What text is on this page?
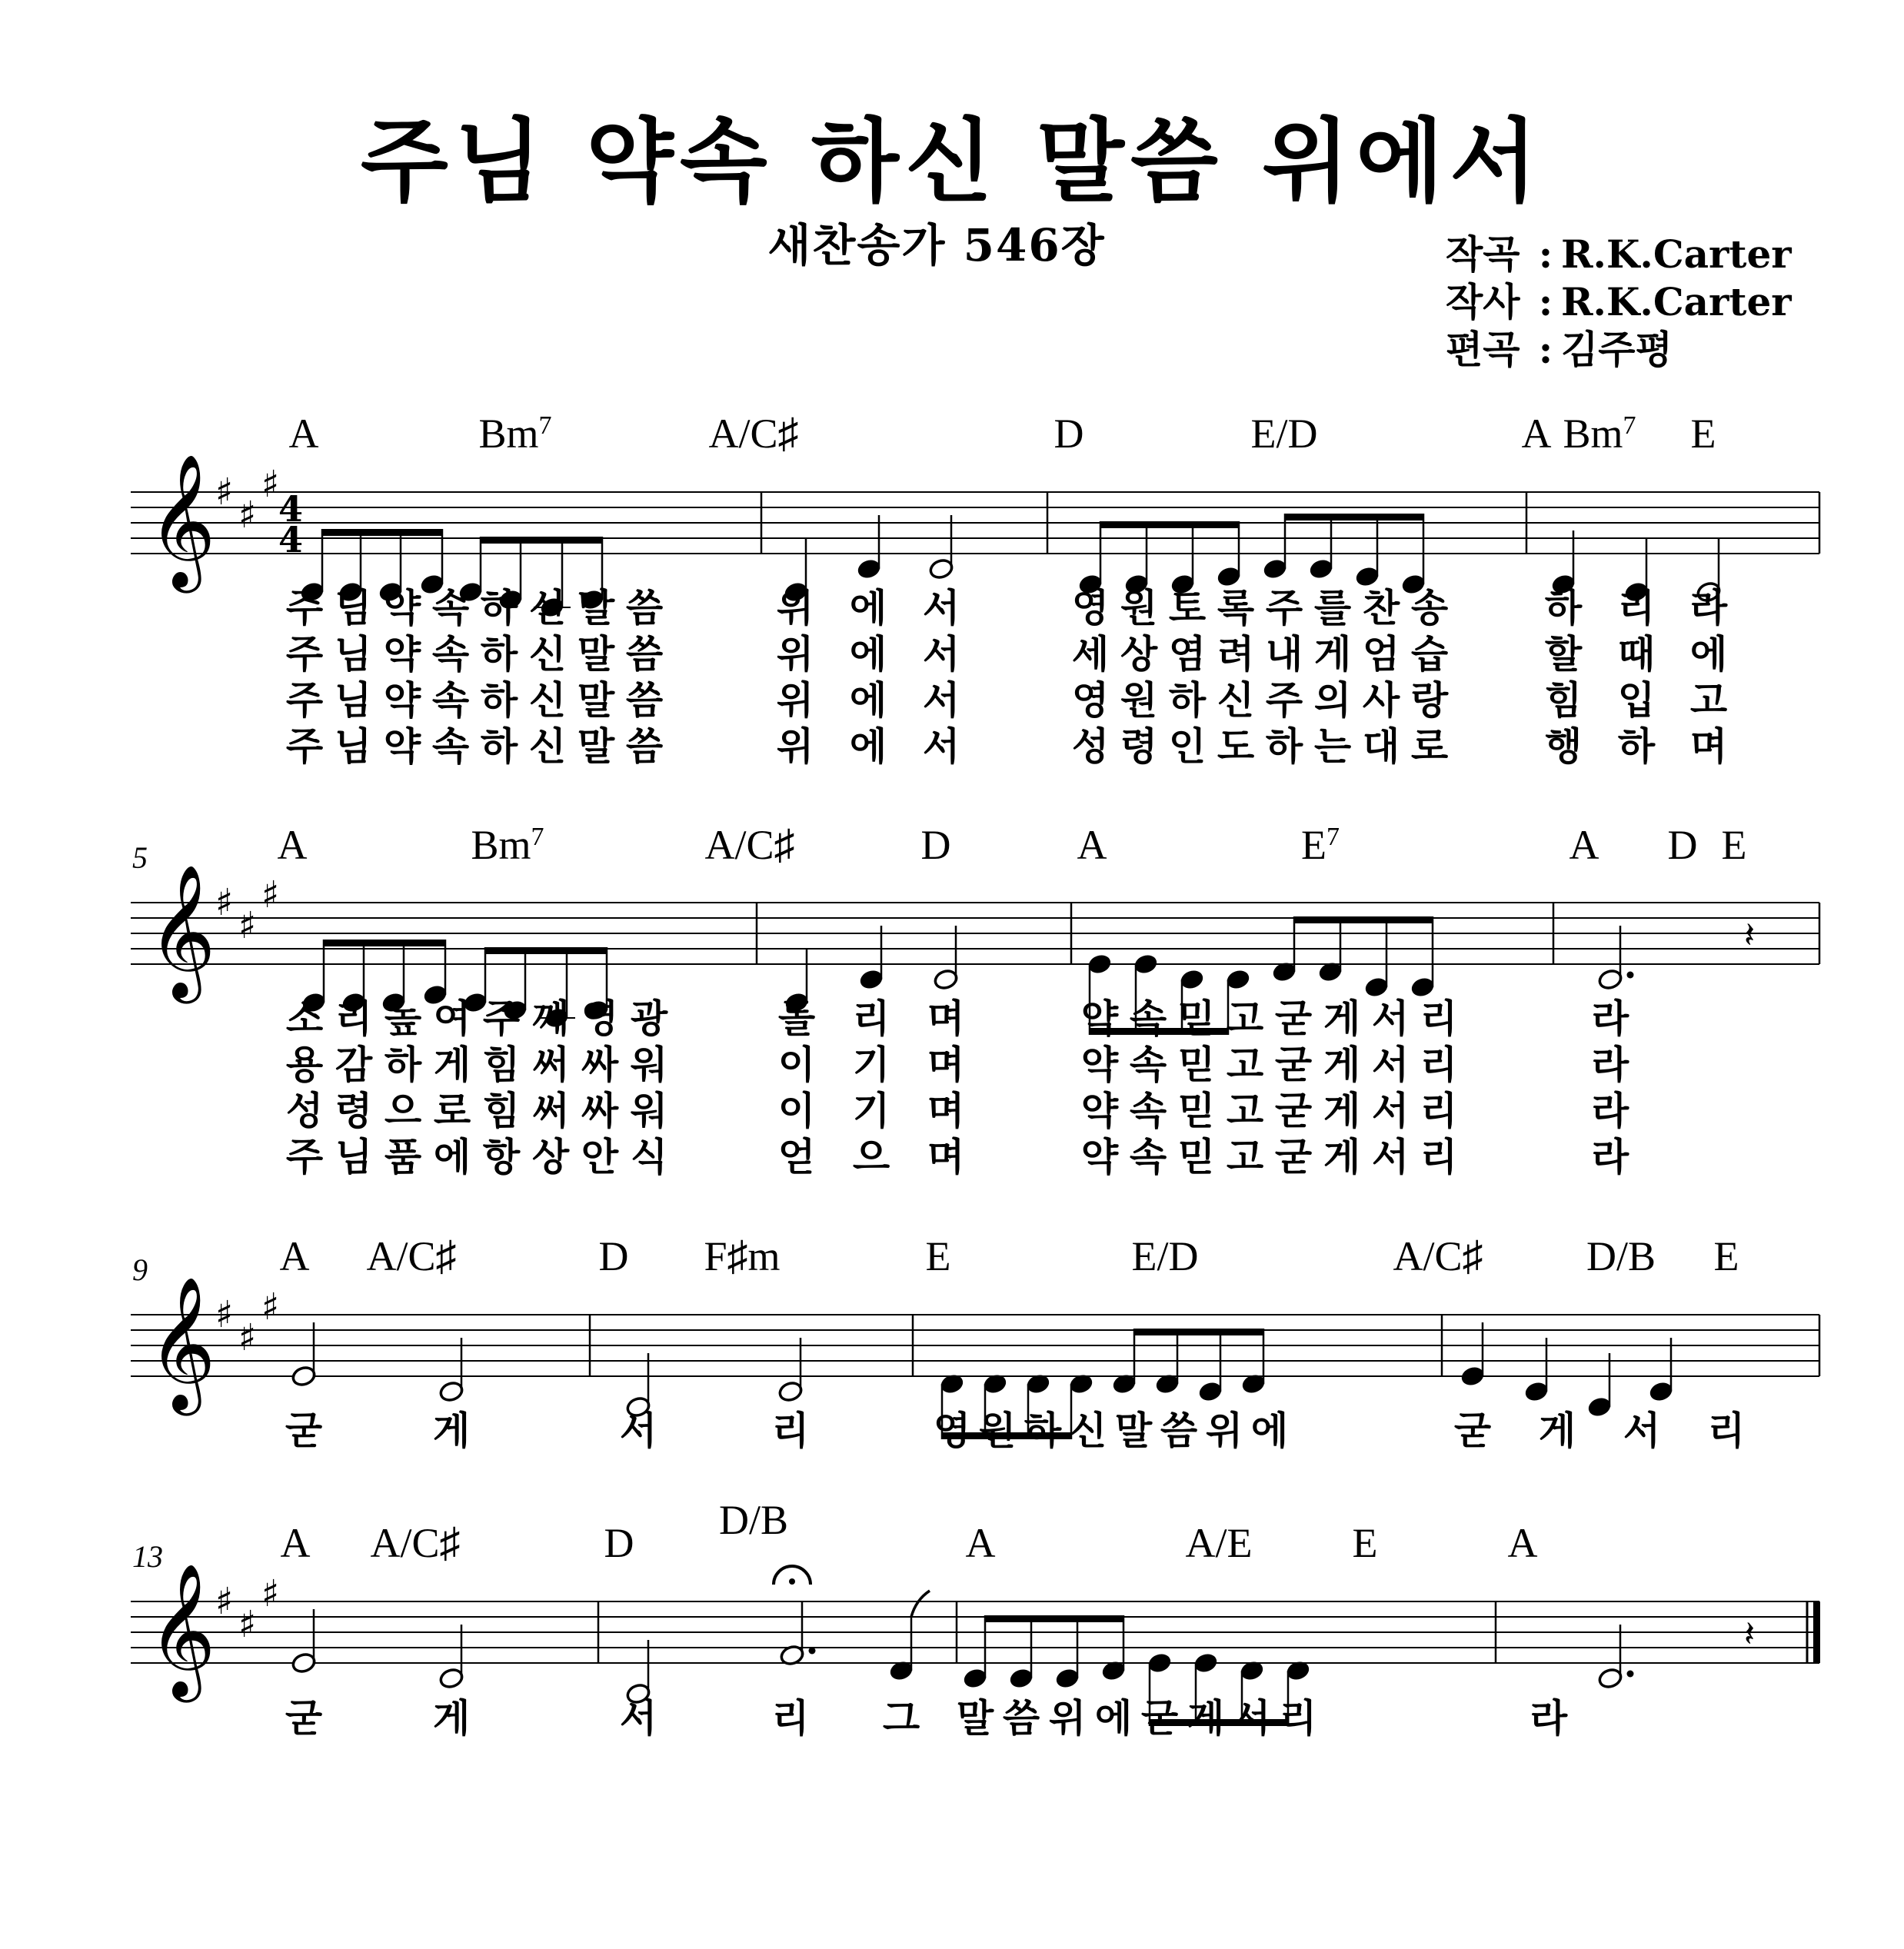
주님 약속 하신 말씀 위에서
새찬송가 546장	작곡 : R.K.Carter
작사 : R.K.Carter
편곡 : 김주평
𝄞 ♯
♯
♯
4
4
A	Bm$^7$	A/C♯	D	E/D	A Bm$^7$ E
주 님 약 속 하 신 말 씀	위 에 서	영 원 토 록 주 를 찬 송	하 리 라
주 님 약 속 하 신 말 씀	위 에 서	세 상 염 려 내 게 엄 습	할 때 에
주 님 약 속 하 신 말 씀	위 에 서	영 원 하 신 주 의 사 랑	힘 입 고
주 님 약 속 하 신 말 씀	위 에 서	성 령 인 도 하 는 대 로	행 하 며
𝄞 ♯
♯
♯
5	A	Bm$^7$	A/C♯	D	A	$E^7$	A D E
𝄽
소 리 높 여 주 께 영 광	돌 리 며	약 속 믿 고 굳 게 서 리	라
용 감 하 게 힘 써 싸 워	이 기 며	약 속 믿 고 굳 게 서 리	라
성 령 으 로 힘 써 싸 워	이 기 며	약 속 믿 고 굳 게 서 리	라
주 님 품 에 항 상 안 식	얻 으 며	약 속 믿 고 굳 게 서 리	라
𝄞 ♯
♯
♯
9	A A/C♯	D F♯m	E	E/D	A/C♯ D/B E
굳	게	서	리	영 원 하 신 말 씀 위 에	굳 게 서 리
𝄞 ♯
♯
♯
13	A A/C♯	D D/B	A	A/E E	A
𝄽
굳	게	서	리 그 말 씀 위 에 굳 게 서 리	라
